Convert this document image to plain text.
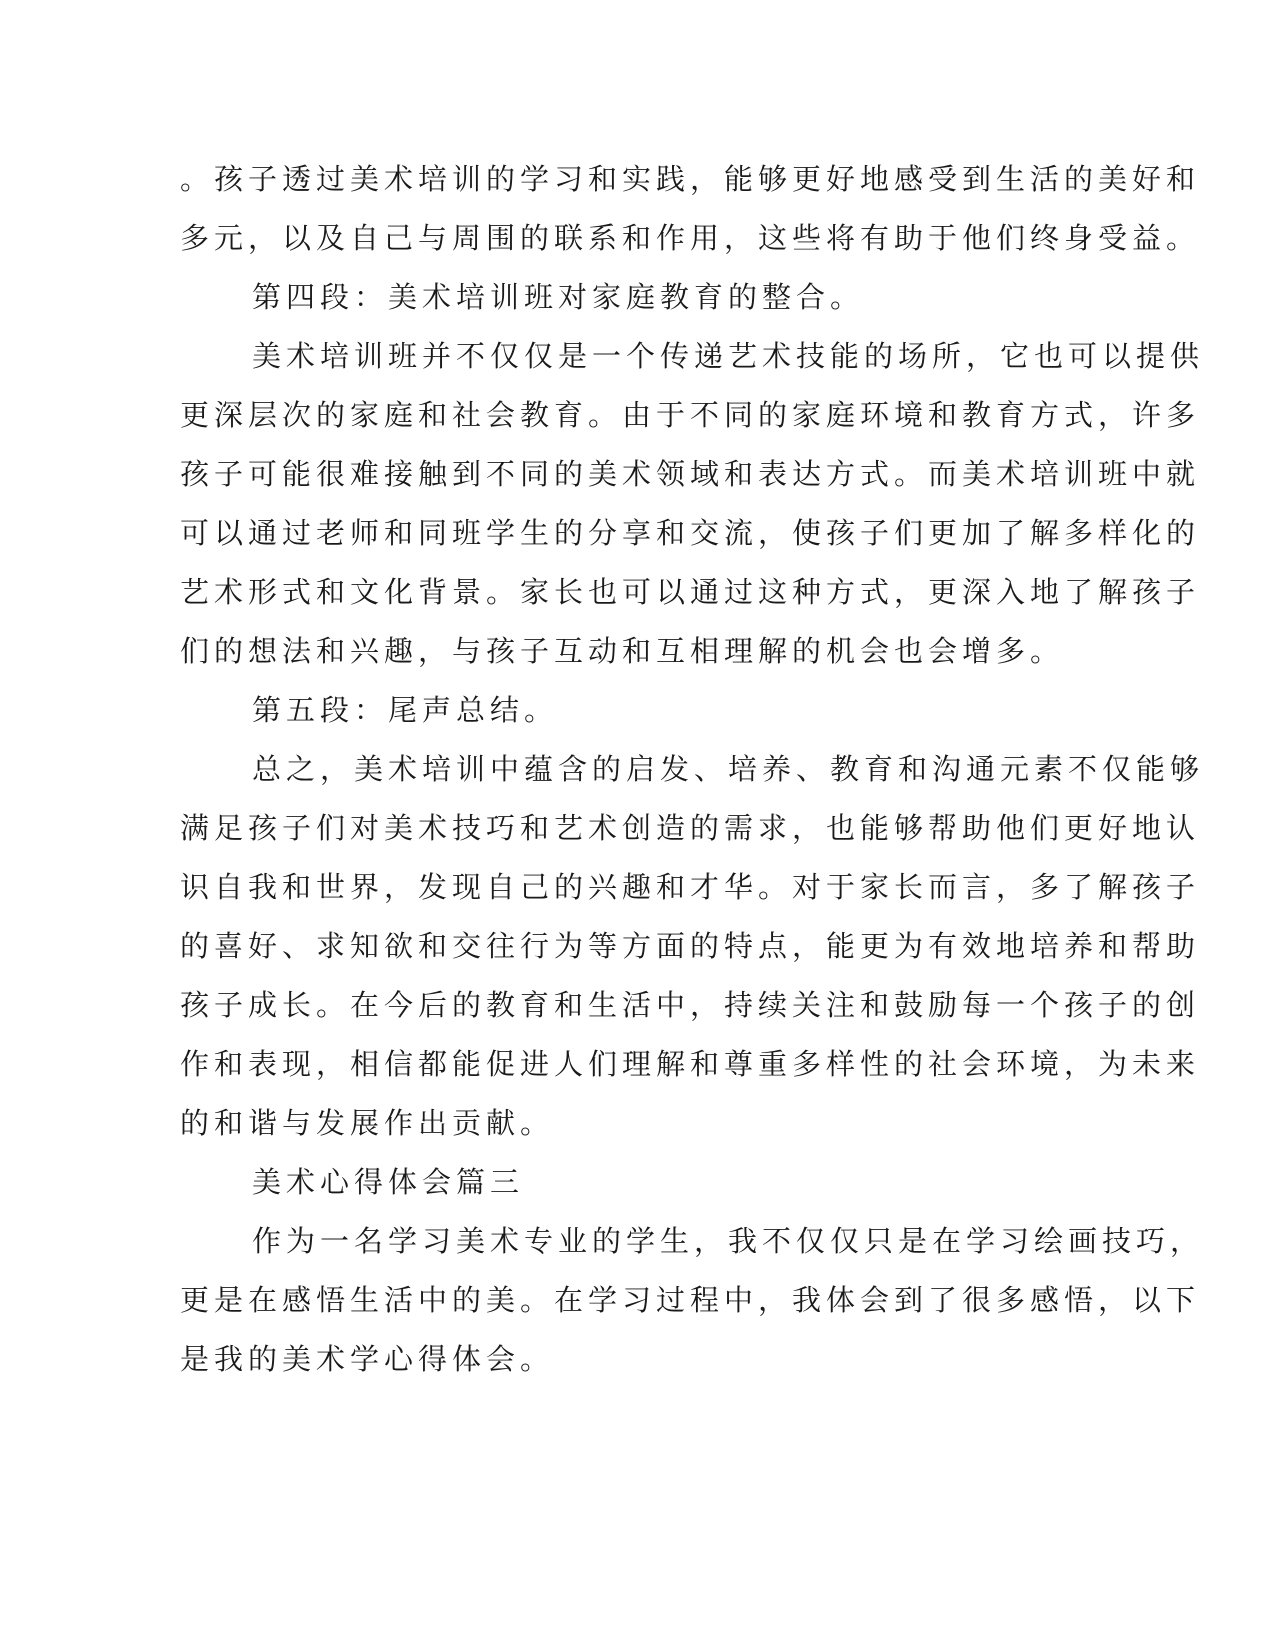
。孩子透过美术培训的学习和实践，能够更好地感受到生活的美好和
多元，以及自己与周围的联系和作用，这些将有助于他们终身受益。
第四段：美术培训班对家庭教育的整合。
美术培训班并不仅仅是一个传递艺术技能的场所，它也可以提供
更深层次的家庭和社会教育。由于不同的家庭环境和教育方式，许多
孩子可能很难接触到不同的美术领域和表达方式。而美术培训班中就
可以通过老师和同班学生的分享和交流，使孩子们更加了解多样化的
艺术形式和文化背景。家长也可以通过这种方式，更深入地了解孩子
们的想法和兴趣，与孩子互动和互相理解的机会也会增多。
第五段：尾声总结。
总之，美术培训中蕴含的启发、培养、教育和沟通元素不仅能够
满足孩子们对美术技巧和艺术创造的需求，也能够帮助他们更好地认
识自我和世界，发现自己的兴趣和才华。对于家长而言，多了解孩子
的喜好、求知欲和交往行为等方面的特点，能更为有效地培养和帮助
孩子成长。在今后的教育和生活中，持续关注和鼓励每一个孩子的创
作和表现，相信都能促进人们理解和尊重多样性的社会环境，为未来
的和谐与发展作出贡献。
美术心得体会篇三
作为一名学习美术专业的学生，我不仅仅只是在学习绘画技巧，
更是在感悟生活中的美。在学习过程中，我体会到了很多感悟，以下
是我的美术学心得体会。
